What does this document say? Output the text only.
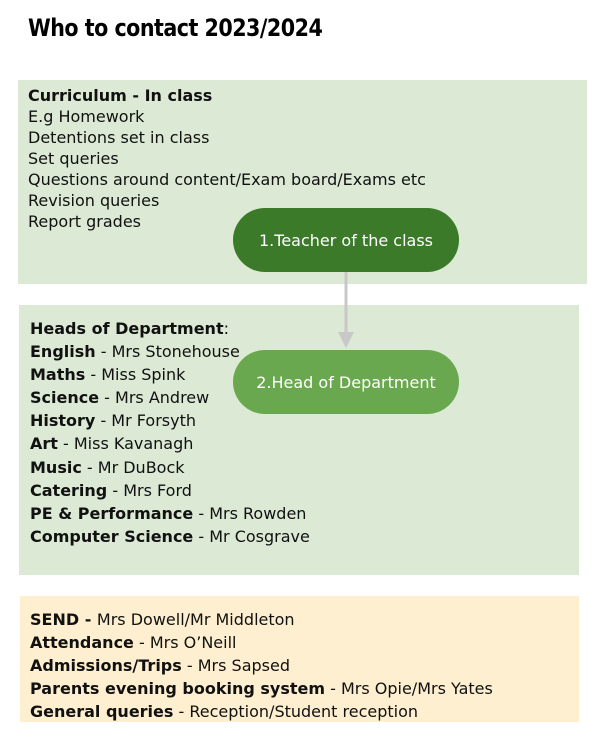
Who to contact 2023/2024
Curriculum - In class
E.g Homework
Detentions set in class
Set queries
Questions around content/Exam board/Exams etc
Revision queries
Report grades
Heads of Department:
English - Mrs Stonehouse
Maths - Miss Spink
Science - Mrs Andrew
History - Mr Forsyth
Art - Miss Kavanagh
Music - Mr DuBock
Catering - Mrs Ford
PE & Performance - Mrs Rowden
Computer Science - Mr Cosgrave
SEND - Mrs Dowell/Mr Middleton
Attendance - Mrs O’Neill
Admissions/Trips - Mrs Sapsed
Parents evening booking system - Mrs Opie/Mrs Yates
General queries - Reception/Student reception
1.Teacher of the class
2.Head of Department
